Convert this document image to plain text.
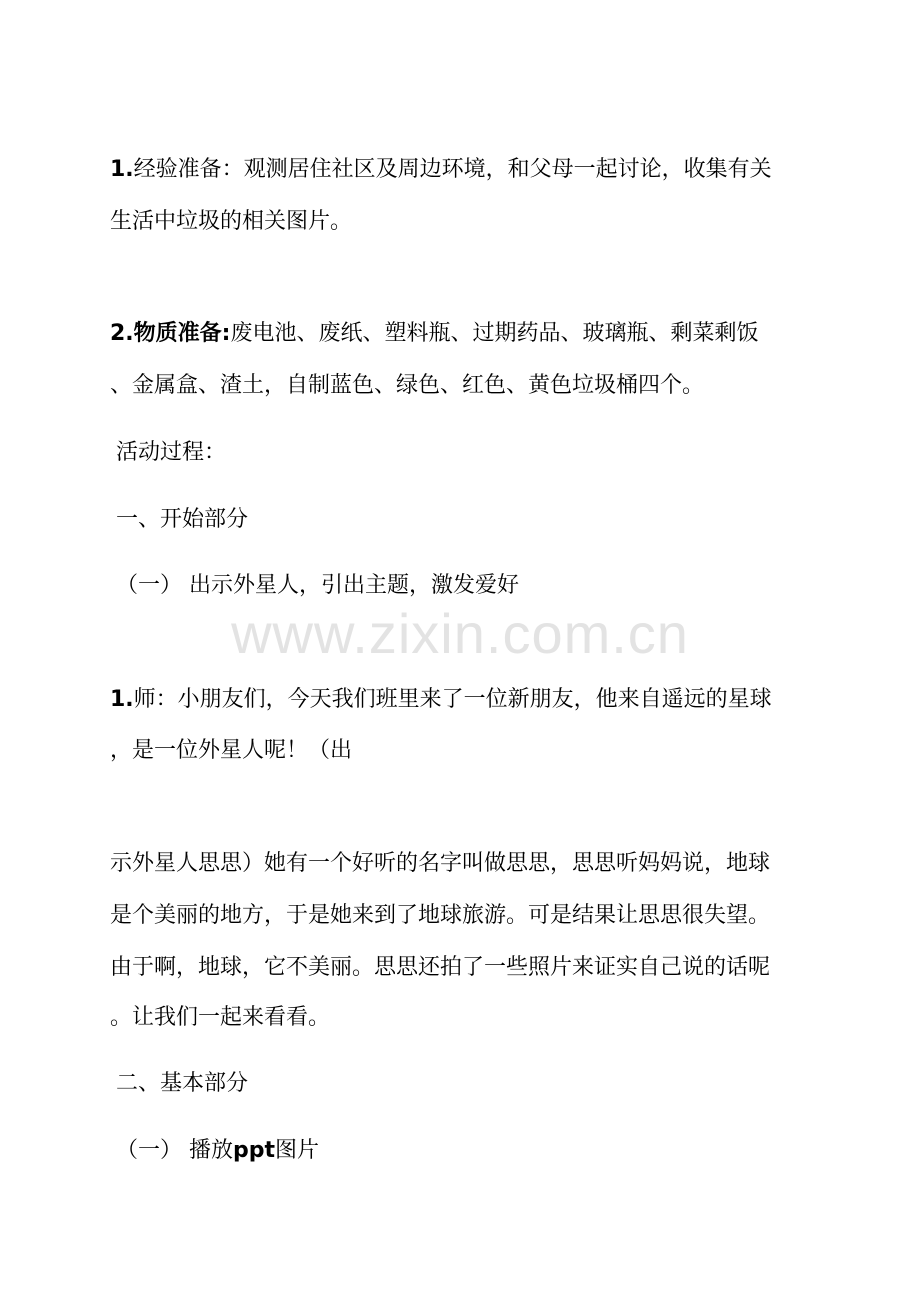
www.zixin.com.cn
1.经验准备：观测居住社区及周边环境，和父母一起讨论，收集有关
生活中垃圾的相关图片。
2.物质准备:废电池、废纸、塑料瓶、过期药品、玻璃瓶、剩菜剩饭
、金属盒、渣土，自制蓝色、绿色、红色、黄色垃圾桶四个。
活动过程：
一、开始部分
（一） 出示外星人，引出主题，激发爱好
1.师：小朋友们，今天我们班里来了一位新朋友，他来自遥远的星球
，是一位外星人呢！（出
示外星人思思）她有一个好听的名字叫做思思，思思听妈妈说，地球
是个美丽的地方，于是她来到了地球旅游。可是结果让思思很失望。
由于啊，地球，它不美丽。思思还拍了一些照片来证实自己说的话呢
。让我们一起来看看。
二、基本部分
（一） 播放ppt图片
